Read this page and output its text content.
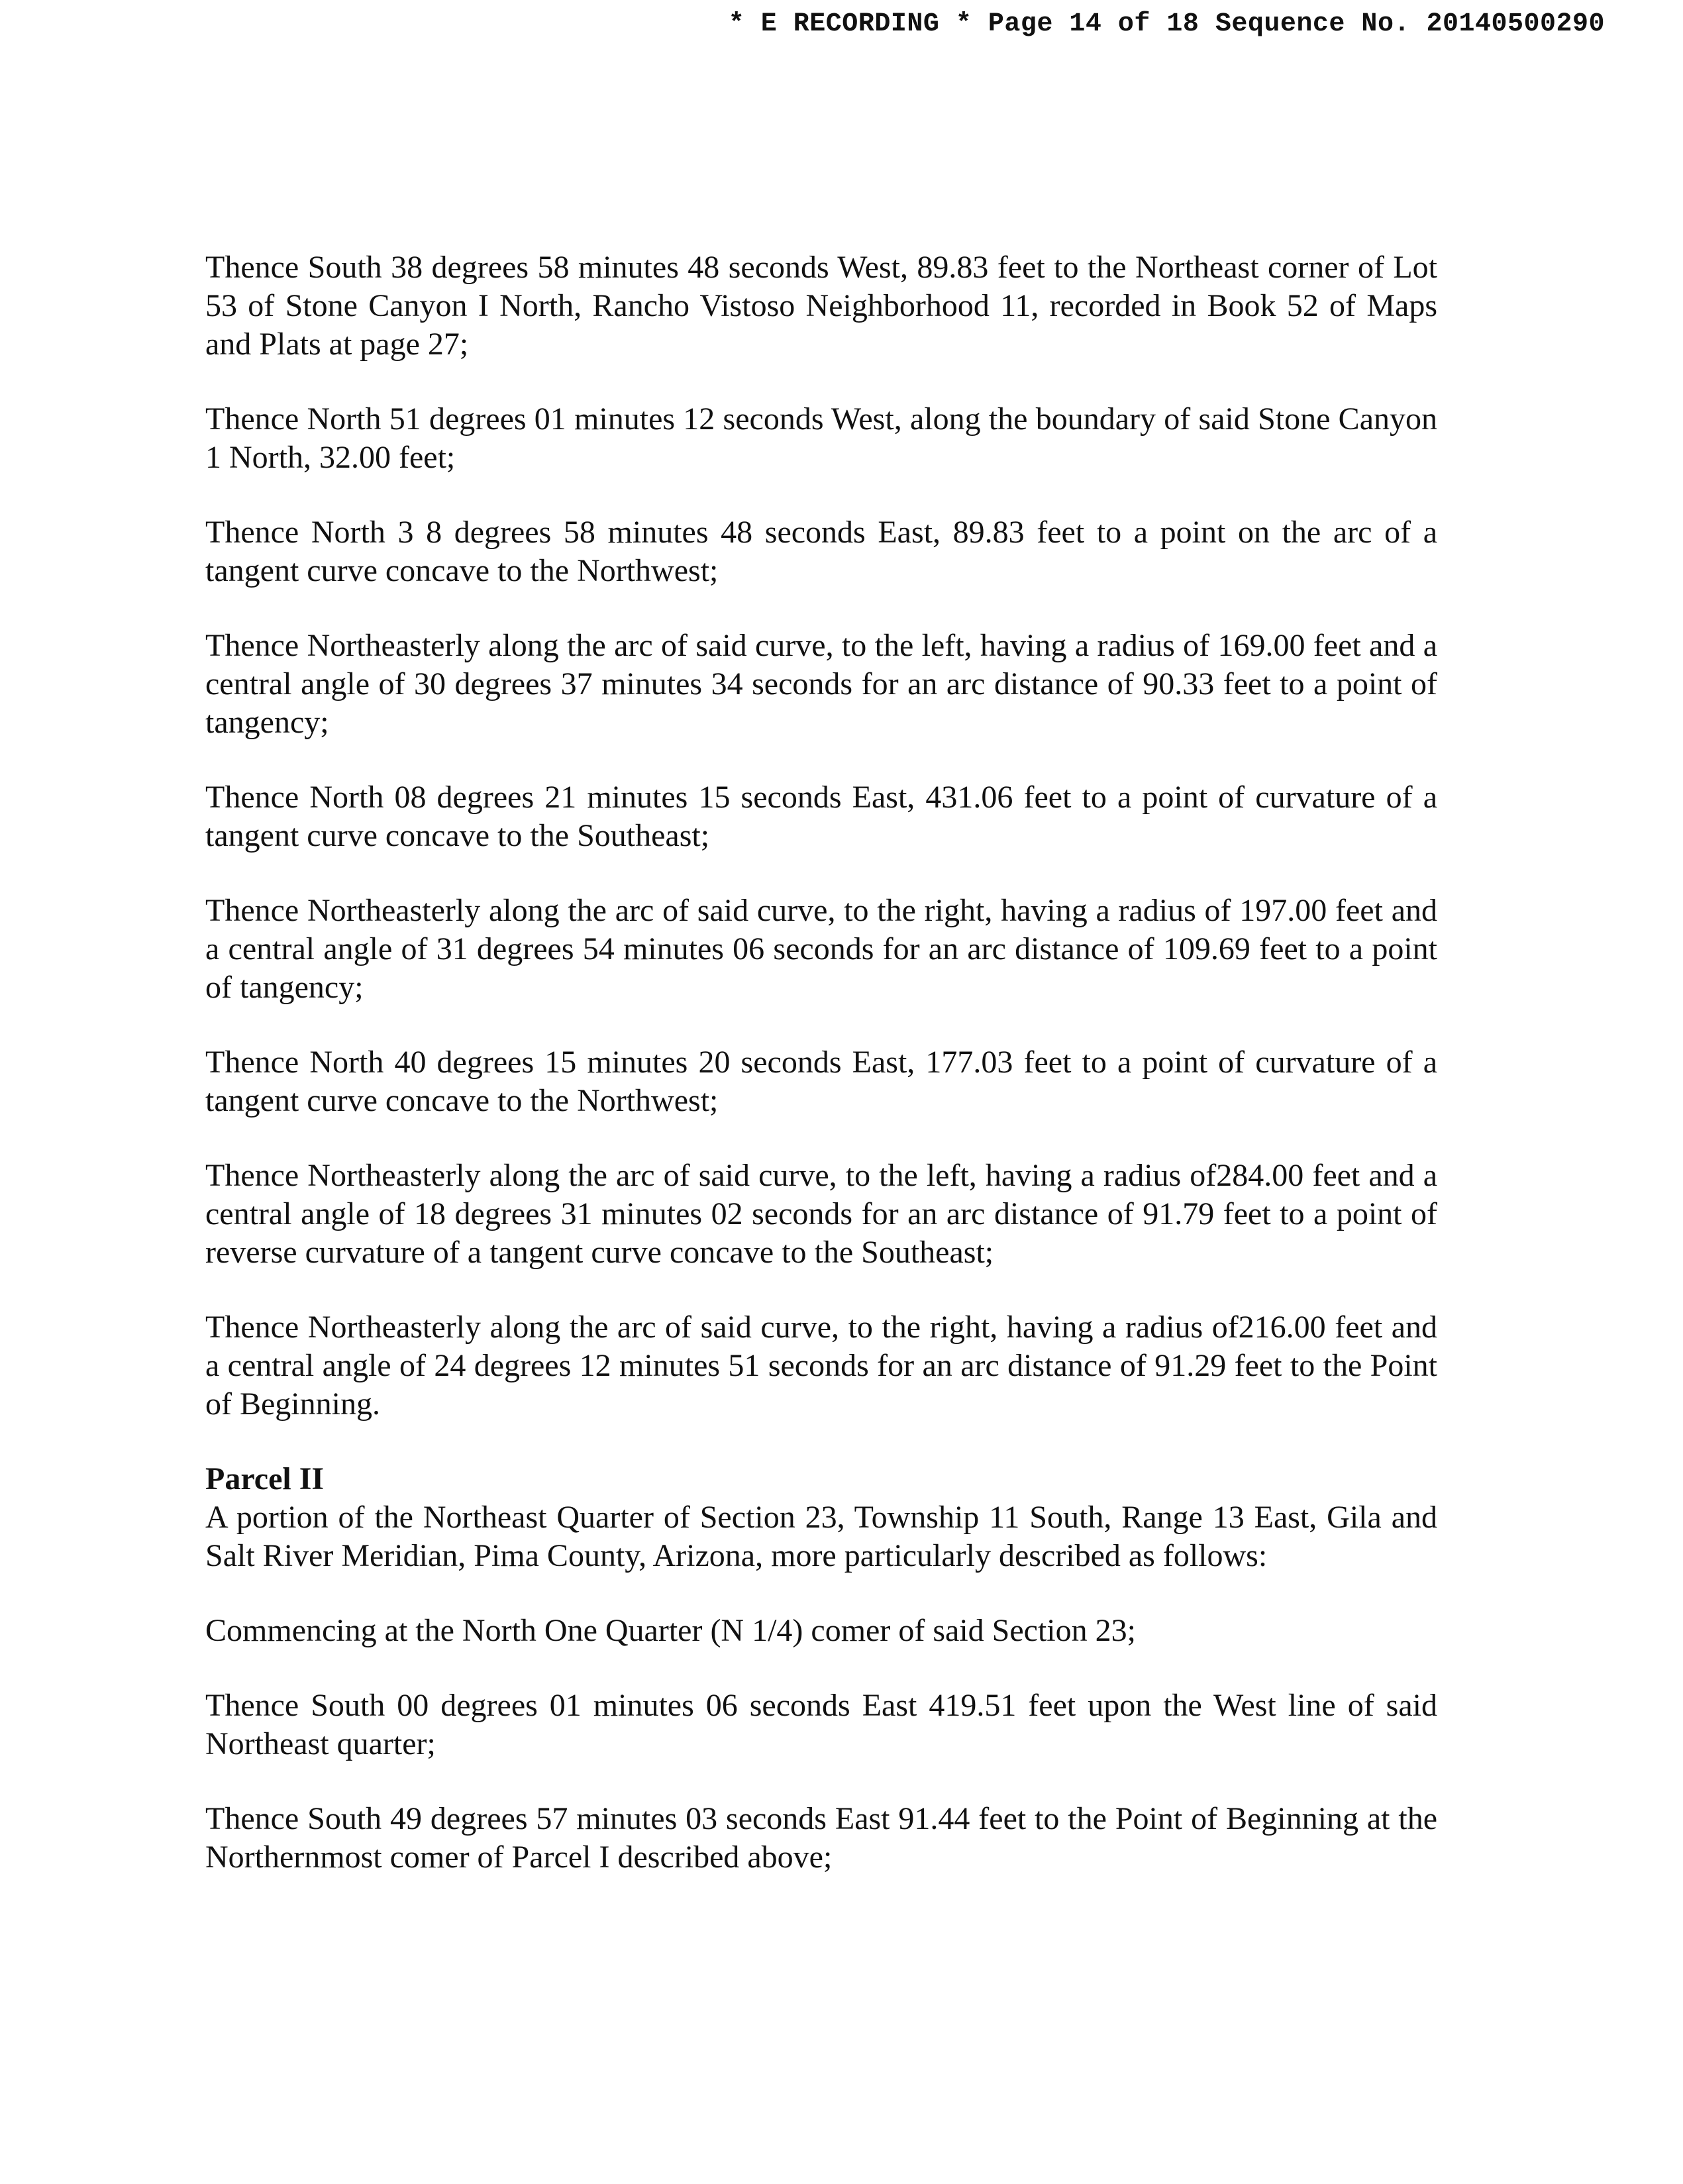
* E RECORDING * Page 14 of 18 Sequence No. 20140500290

Thence South 38 degrees 58 minutes 48 seconds West, 89.83 feet to the Northeast corner of Lot 53 of Stone Canyon I North, Rancho Vistoso Neighborhood 11, recorded in Book 52 of Maps and Plats at page 27;

Thence North 51 degrees 01 minutes 12 seconds West, along the boundary of said Stone Canyon 1 North, 32.00 feet;

Thence North 3 8 degrees 58 minutes 48 seconds East, 89.83 feet to a point on the arc of a tangent curve concave to the Northwest;

Thence Northeasterly along the arc of said curve, to the left, having a radius of 169.00 feet and a central angle of 30 degrees 37 minutes 34 seconds for an arc distance of 90.33 feet to a point of tangency;

Thence North 08 degrees 21 minutes 15 seconds East, 431.06 feet to a point of curvature of a tangent curve concave to the Southeast;

Thence Northeasterly along the arc of said curve, to the right, having a radius of 197.00 feet and a central angle of 31 degrees 54 minutes 06 seconds for an arc distance of 109.69 feet to a point of tangency;

Thence North 40 degrees 15 minutes 20 seconds East, 177.03 feet to a point of curvature of a tangent curve concave to the Northwest;

Thence Northeasterly along the arc of said curve, to the left, having a radius of284.00 feet and a central angle of 18 degrees 31 minutes 02 seconds for an arc distance of 91.79 feet to a point of reverse curvature of a tangent curve concave to the Southeast;

Thence Northeasterly along the arc of said curve, to the right, having a radius of216.00 feet and a central angle of 24 degrees 12 minutes 51 seconds for an arc distance of 91.29 feet to the Point of Beginning.

Parcel II

A portion of the Northeast Quarter of Section 23, Township 11 South, Range 13 East, Gila and Salt River Meridian, Pima County, Arizona, more particularly described as follows:

Commencing at the North One Quarter (N 1/4) comer of said Section 23;

Thence South 00 degrees 01 minutes 06 seconds East 419.51 feet upon the West line of said Northeast quarter;

Thence South 49 degrees 57 minutes 03 seconds East 91.44 feet to the Point of Beginning at the Northernmost comer of Parcel I described above;
